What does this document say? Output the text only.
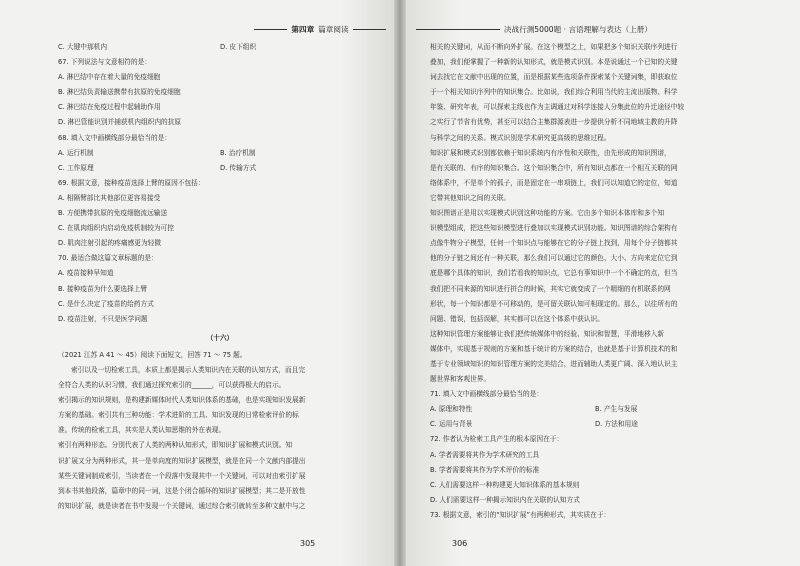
第四章 篇章阅读
C. 大键中那机内	D. 皮下组织
67. 下列说法与文意相符的是：
A. 淋巴结中存在着大量的免疫细胞
B. 淋巴结负责输送携带有抗原的免疫细胞
C. 淋巴结在免疫过程中起辅助作用
D. 淋巴管能识别并捕获机内组织内的抗原
68. 填入文中画横线部分最恰当的是：
A. 运行机制	B. 治疗机制
C. 工作原理	D. 传输方式
69. 根据文意，接种疫苗选择上臂的原因不包括：
A. 相隔臂部比其他部位更容易接受
B. 方便携带抗原的免疫细胞流远输送
C. 在肌肉组织内启动免疫机制较为可控
D. 肌肉注射引起的疼痛感更为轻微
70. 最适合做这篇文章标题的是：
A. 疫苗接种早知道
B. 接种疫苗为什么要选择上臂
C. 是什么决定了疫苗的给药方式
D. 疫苗注射，不只是医学问题
（十六）
（2021 江苏 A 41 ～ 45）阅读下面短文，回答 71 ～ 75 题。
索引以及一切检索工具，本质上都是揭示人类知识内在关联的认知方式，而且完
全符合人类的认识习惯，我们通过探究索引的______，可以获得极大的启示。
索引揭示的知识规则，是构建新媒体时代人类知识体系的基础，也是实现知识发展新
方案的基础。索引共有三种功能：学术进阶的工具、知识发现的日常检索评价的标
准。传统的检索工具，其实是人类认知思维的外在表现。
索引有两种形态。分别代表了人类的两种认知形式，即知识扩展和模式识别。知
识扩展又分为两种形式，其一是单向度的知识扩展模型，就是在同一个文献内部提出
某些关键词制成索引，当读者在一个段落中发现其中一个关键词，可以对由索引扩展
到本书其他段落，篇章中的同一词，这是个闭合循环的知识扩展模型；其二是开放性
的知识扩展，就是读者在书中发现一个关键词，通过综合索引就转至多种文献中与之
305
决战行测5000题 · 言语理解与表达（上册）
相关的关键词，从而不断向外扩展。在这个模型之上，如果把多个知识关联序列进行
叠加，我们便掌握了一种新的认知形式，就是模式识别。本是说通过一个已知的关键
词去找它在文献中出现的位置，而是根据某些选项条件探索某个关键词集，即获取位
于一个相关知识序列中的知识集合。比如说，我们综合利用当代的主流出版物、科学
年鉴、研究年表，可以探索主线也作为主调通过对科学连接人分集此位的升迁途径中较
之实行了节省有优势，甚至可以结合主集群源表进一步提供分析不同地域主教的升降
与科学之间的关系。模式识别是学术研究更高级的思维过程。
知识扩展和模式识别都依赖于知识系统内有序性和关联性，由先形成的知识图谱，
是有关联的、有序的知识集合。这个知识集合中，所有知识点都在一个相互关联的网
络体系中，不是单个的孤子，而是固定在一串项链上，我们可以知道它的定位，知道
它带其他知识之间的关联。
知识图谱正是用以实现模式识别这种功能的方案。它由多个知识本体库和多个知
识模型组成，把这些知识模型进行叠加以实现模式识别功能。知识图谱的综合架构有
点像牛物分子模型，任何一个知识点与能够在它的分子链上找到，用每个分子链都其
他的分子链之间还有一种关联，那么我们可以通过它的颜色、大小、方向来定位它到
底是哪个具体的知识，我们若看我的知识点，它总有事知识中一个不确定的点，但当
我们把不同来源的知识进行拼合的时候，其实它就变成了一个精细的有机联系的网
形状，每一个知识都是不可移动的，是可留关联认知可相现定的。那么，以往所有的
问题、错误，包括误解，其实都可以在这个体系中获认识。
这种知识管理方案能够让我们把传统媒体中的经验、知识和智慧，平滑地移入新
媒体中，实现基于规则的方案和基于统计的方案的结合，也就是基于计算机技术的和
基于专业领域知识的知识管理方案的完美结合，进而辅助人类更广阔、深入地认识主
题世界和客观世界。
71. 填入文中画横线部分最恰当的是：
A. 原理和特性	B. 产生与发展
C. 运用与背景	D. 方法和用途
72. 作者认为检索工具产生的根本原因在于：
A. 学者需要将其作为学术研究的工具
B. 学者需要将其作为学术评价的标准
C. 人们需要这样一种构建更大知识体系的基本规则
D. 人们需要这样一种揭示知识内在关联的认知方式
73. 根据文意，索引的“知识扩展”有两种形式，其实质在于：
306
